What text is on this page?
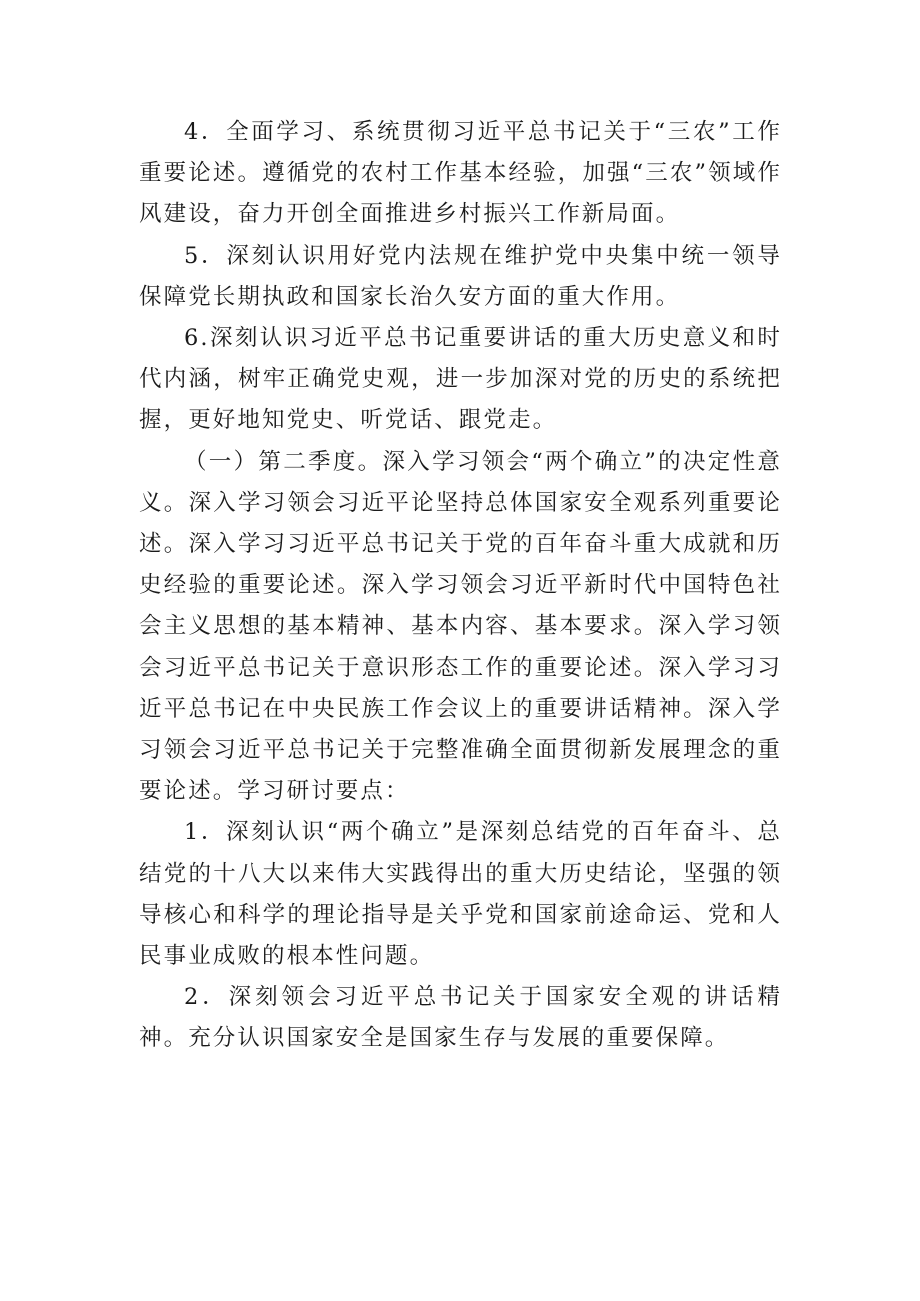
4．全面学习、系统贯彻习近平总书记关于“三农”工作重要论述。遵循党的农村工作基本经验，加强“三农”领域作风建设，奋力开创全面推进乡村振兴工作新局面。

5．深刻认识用好党内法规在维护党中央集中统一领导保障党长期执政和国家长治久安方面的重大作用。

6.深刻认识习近平总书记重要讲话的重大历史意义和时代内涵，树牢正确党史观，进一步加深对党的历史的系统把握，更好地知党史、听党话、跟党走。

（一）第二季度。深入学习领会“两个确立”的决定性意义。深入学习领会习近平论坚持总体国家安全观系列重要论述。深入学习习近平总书记关于党的百年奋斗重大成就和历史经验的重要论述。深入学习领会习近平新时代中国特色社会主义思想的基本精神、基本内容、基本要求。深入学习领会习近平总书记关于意识形态工作的重要论述。深入学习习近平总书记在中央民族工作会议上的重要讲话精神。深入学习领会习近平总书记关于完整准确全面贯彻新发展理念的重要论述。学习研讨要点：

1．深刻认识“两个确立”是深刻总结党的百年奋斗、总结党的十八大以来伟大实践得出的重大历史结论，坚强的领导核心和科学的理论指导是关乎党和国家前途命运、党和人民事业成败的根本性问题。

2．深刻领会习近平总书记关于国家安全观的讲话精神。充分认识国家安全是国家生存与发展的重要保障。
